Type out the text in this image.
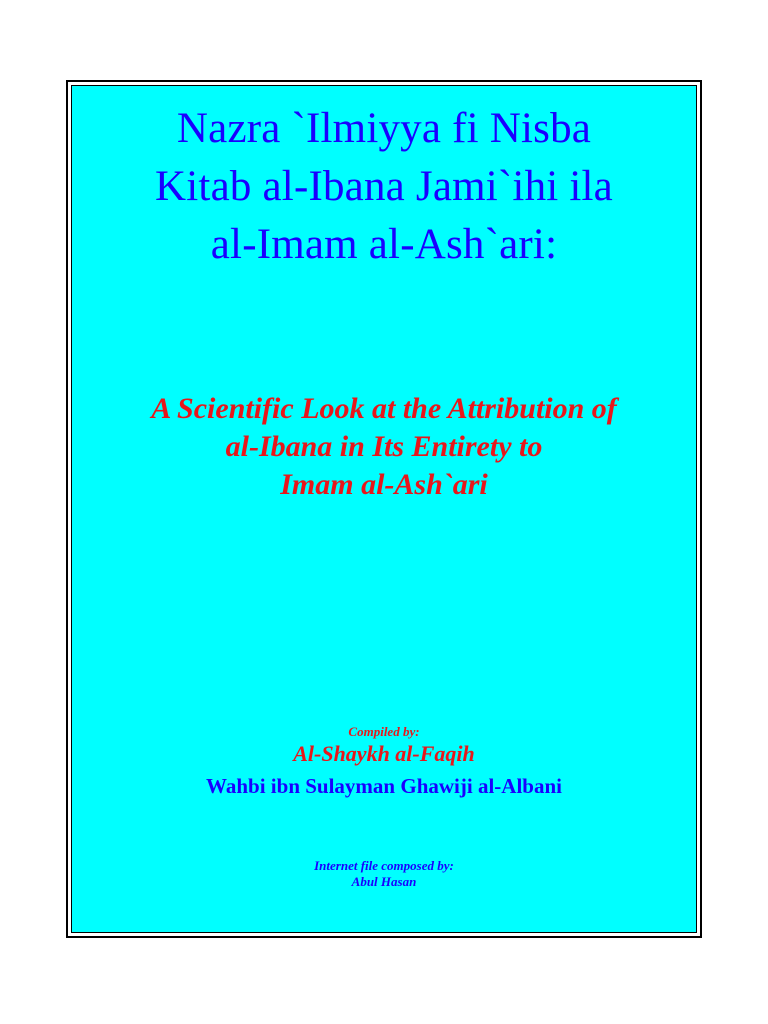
Nazra `Ilmiyya fi Nisba
Kitab al-Ibana Jami`ihi ila
al-Imam al-Ash`ari:
A Scientific Look at the Attribution of
al-Ibana in Its Entirety to
Imam al-Ash`ari
Compiled by:
Al-Shaykh al-Faqih
Wahbi ibn Sulayman Ghawiji al-Albani
Internet file composed by:
Abul Hasan
